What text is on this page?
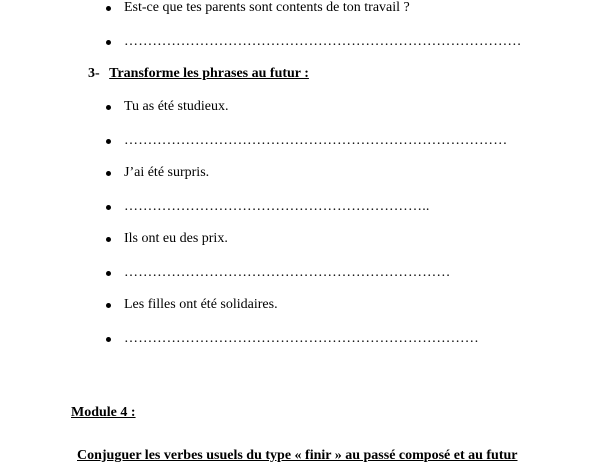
Est-ce que tes parents sont contents de ton travail ?
…………………………………………………………………………
3- Transforme les phrases au futur :
Tu as été studieux.
………………………………………………………………………
J’ai été surpris.
………………………………………………………..
Ils ont eu des prix.
……………………………………………………………
Les filles ont été solidaires.
…………………………………………………………………
Module 4 :
Conjuguer les verbes usuels du type « finir » au passé composé et au futur
